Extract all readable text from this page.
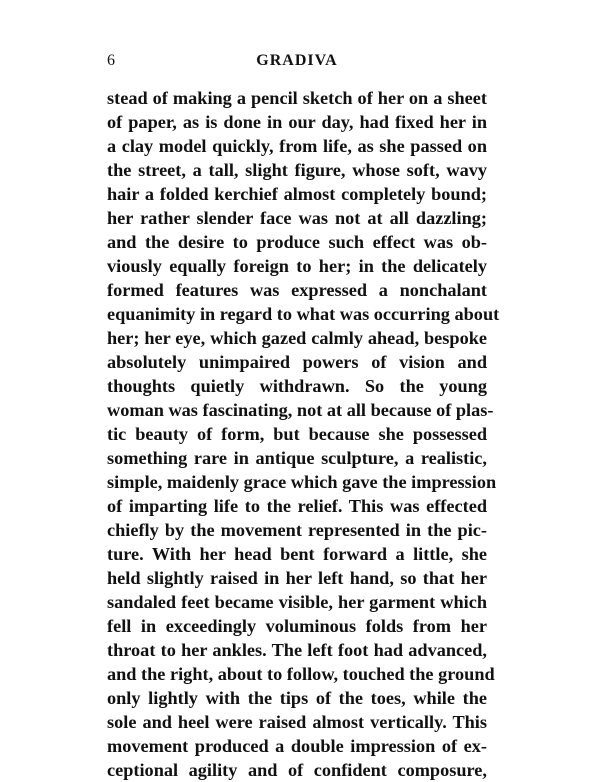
6	GRADIVA
stead of making a pencil sketch of her on a sheet
of paper, as is done in our day, had fixed her in
a clay model quickly, from life, as she passed on
the street, a tall, slight figure, whose soft, wavy
hair a folded kerchief almost completely bound;
her rather slender face was not at all dazzling;
and the desire to produce such effect was ob-
viously equally foreign to her; in the delicately
formed features was expressed a nonchalant
equanimity in regard to what was occurring about
her; her eye, which gazed calmly ahead, bespoke
absolutely unimpaired powers of vision and
thoughts quietly withdrawn. So the young
woman was fascinating, not at all because of plas-
tic beauty of form, but because she possessed
something rare in antique sculpture, a realistic,
simple, maidenly grace which gave the impression
of imparting life to the relief. This was effected
chiefly by the movement represented in the pic-
ture. With her head bent forward a little, she
held slightly raised in her left hand, so that her
sandaled feet became visible, her garment which
fell in exceedingly voluminous folds from her
throat to her ankles. The left foot had advanced,
and the right, about to follow, touched the ground
only lightly with the tips of the toes, while the
sole and heel were raised almost vertically. This
movement produced a double impression of ex-
ceptional agility and of confident composure,
